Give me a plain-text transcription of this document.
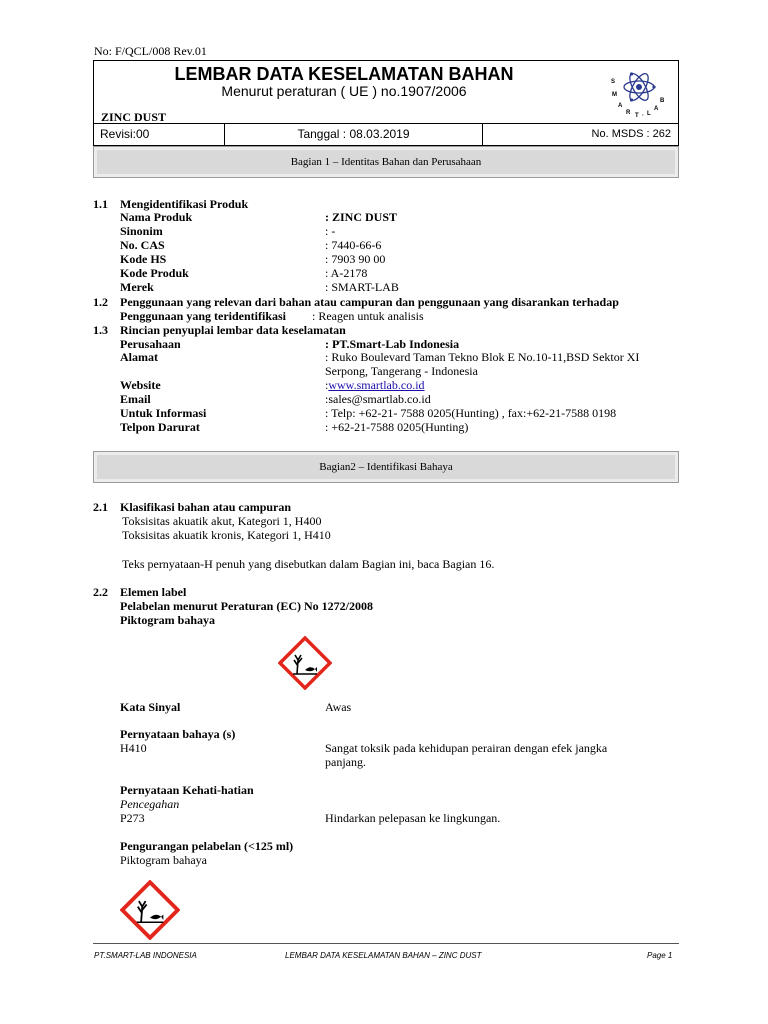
No: F/QCL/008 Rev.01
LEMBAR DATA KESELAMATAN BAHAN
Menurut peraturan ( UE ) no.1907/2006
ZINC DUST
S
M
A
R T · L
A
B
Revisi:00	Tanggal : 08.03.2019	No. MSDS : 262
Bagian 1 – Identitas Bahan dan Perusahaan
1.1 Mengidentifikasi Produk
Nama Produk	: ZINC DUST
Sinonim	: -
No. CAS	: 7440-66-6
Kode HS	: 7903 90 00
Kode Produk	: A-2178
Merek	: SMART-LAB
1.2 Penggunaan yang relevan dari bahan atau campuran dan penggunaan yang disarankan terhadap
Penggunaan yang teridentifikasi : Reagen untuk analisis
1.3 Rincian penyuplai lembar data keselamatan
Perusahaan	: PT.Smart-Lab Indonesia
Alamat	: Ruko Boulevard Taman Tekno Blok E No.10-11,BSD Sektor XI
Serpong, Tangerang - Indonesia
Website	:www.smartlab.co.id
Email	:sales@smartlab.co.id
Untuk Informasi	: Telp: +62-21- 7588 0205(Hunting) , fax:+62-21-7588 0198
Telpon Darurat	: +62-21-7588 0205(Hunting)
Bagian2 – Identifikasi Bahaya
2.1 Klasifikasi bahan atau campuran
Toksisitas akuatik akut, Kategori 1, H400
Toksisitas akuatik kronis, Kategori 1, H410
Teks pernyataan-H penuh yang disebutkan dalam Bagian ini, baca Bagian 16.
2.2 Elemen label
Pelabelan menurut Peraturan (EC) No 1272/2008
Piktogram bahaya
Kata Sinyal	Awas
Pernyataan bahaya (s)
H410	Sangat toksik pada kehidupan perairan dengan efek jangka
panjang.
Pernyataan Kehati-hatian
Pencegahan
P273	Hindarkan pelepasan ke lingkungan.
Pengurangan pelabelan (<125 ml)
Piktogram bahaya
PT.SMART-LAB INDONESIA	LEMBAR DATA KESELAMATAN BAHAN – ZINC DUST	Page 1
